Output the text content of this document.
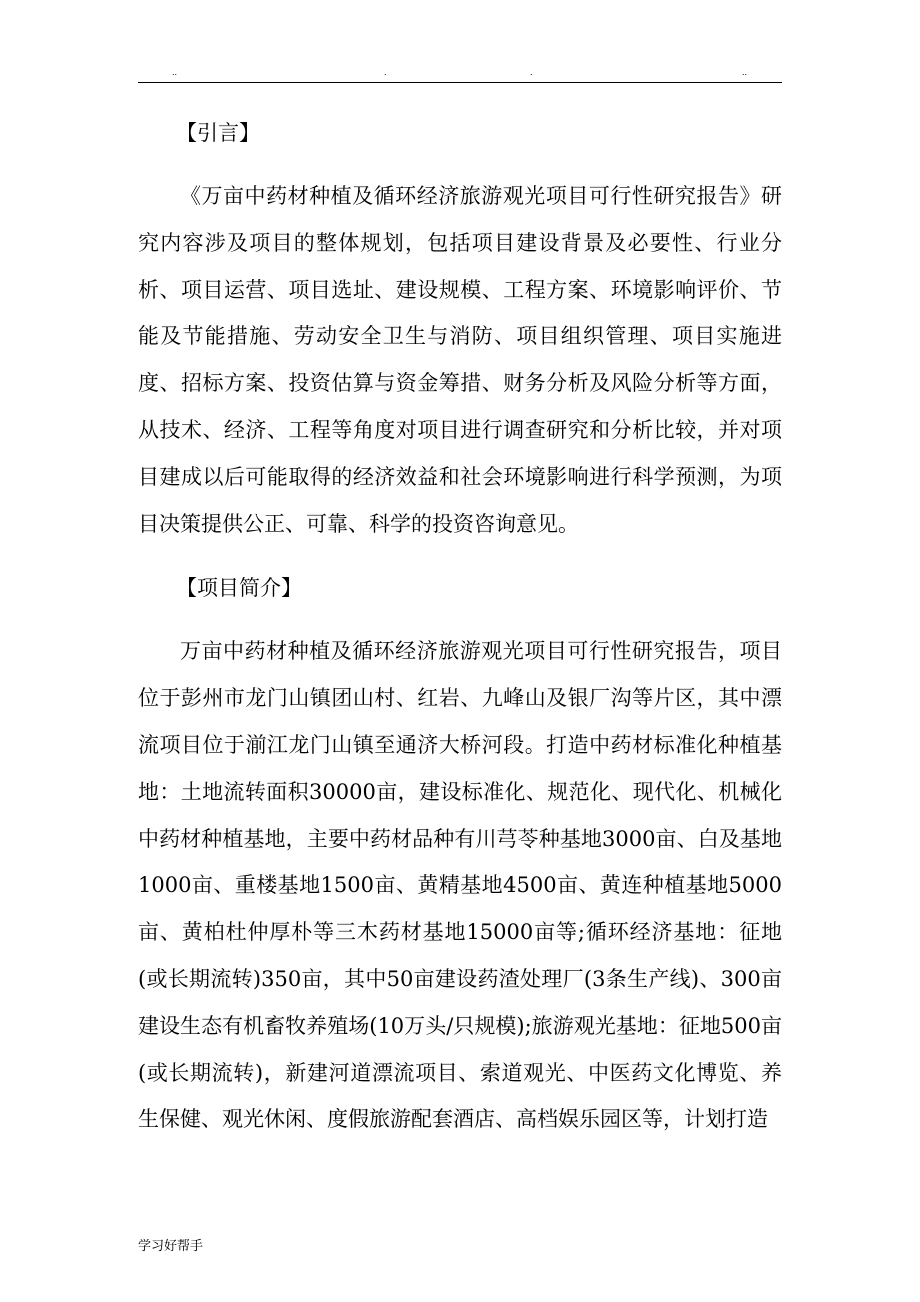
..	.	.	..

【引言】

《万亩中药材种植及循环经济旅游观光项目可行性研究报告》研究内容涉及项目的整体规划，包括项目建设背景及必要性、行业分析、项目运营、项目选址、建设规模、工程方案、环境影响评价、节能及节能措施、劳动安全卫生与消防、项目组织管理、项目实施进度、招标方案、投资估算与资金筹措、财务分析及风险分析等方面，从技术、经济、工程等角度对项目进行调查研究和分析比较，并对项目建成以后可能取得的经济效益和社会环境影响进行科学预测，为项目决策提供公正、可靠、科学的投资咨询意见。

【项目简介】

万亩中药材种植及循环经济旅游观光项目可行性研究报告，项目位于彭州市龙门山镇团山村、红岩、九峰山及银厂沟等片区，其中漂流项目位于湔江龙门山镇至通济大桥河段。打造中药材标准化种植基地：土地流转面积30000亩，建设标准化、规范化、现代化、机械化中药材种植基地，主要中药材品种有川芎苓种基地3000亩、白及基地1000亩、重楼基地1500亩、黄精基地4500亩、黄连种植基地5000亩、黄柏杜仲厚朴等三木药材基地15000亩等;循环经济基地：征地(或长期流转)350亩，其中50亩建设药渣处理厂(3条生产线)、300亩建设生态有机畜牧养殖场(10万头/只规模);旅游观光基地：征地500亩(或长期流转)，新建河道漂流项目、索道观光、中医药文化博览、养生保健、观光休闲、度假旅游配套酒店、高档娱乐园区等，计划打造

学习好帮手
